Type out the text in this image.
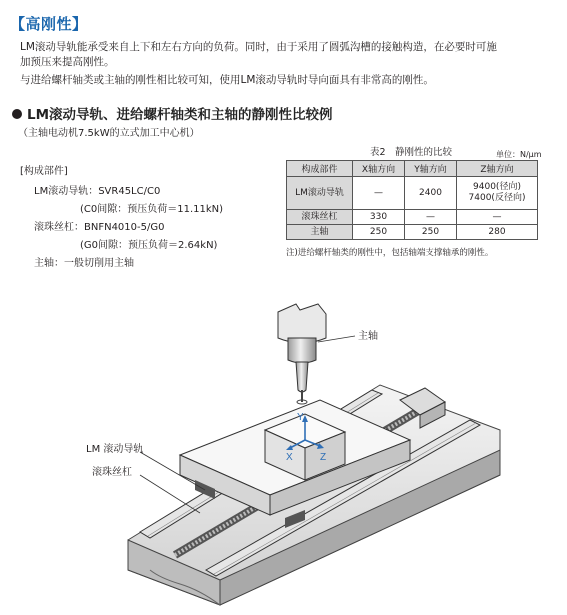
【高刚性】
LM滚动导轨能承受来自上下和左右方向的负荷。同时，由于采用了圆弧沟槽的接触构造，在必要时可施
加预压来提高刚性。
与进给螺杆轴类或主轴的刚性相比较可知，使用LM滚动导轨时导向面具有非常高的刚性。
LM滚动导轨、进给螺杆轴类和主轴的静刚性比较例
（主轴电动机7.5kW的立式加工中心机）
[构成部件]
LM滚动导轨：SVR45LC/C0
(C0间隙：预压负荷＝11.11kN)
滚珠丝杠：BNFN4010-5/G0
(G0间隙：预压负荷＝2.64kN)
主轴：一般切削用主轴
表2　静刚性的比较	单位：N/μm
构成部件	X轴方向	Y轴方向	Z轴方向
LM滚动导轨	—	2400	9400(径向)
7400(反径向)
滚珠丝杠	330	—	—
主轴	250	250	280
注)进给螺杆轴类的刚性中，包括轴端支撑轴承的刚性。
X
Y
Z
主轴
LM 滚动导轨
滚珠丝杠
